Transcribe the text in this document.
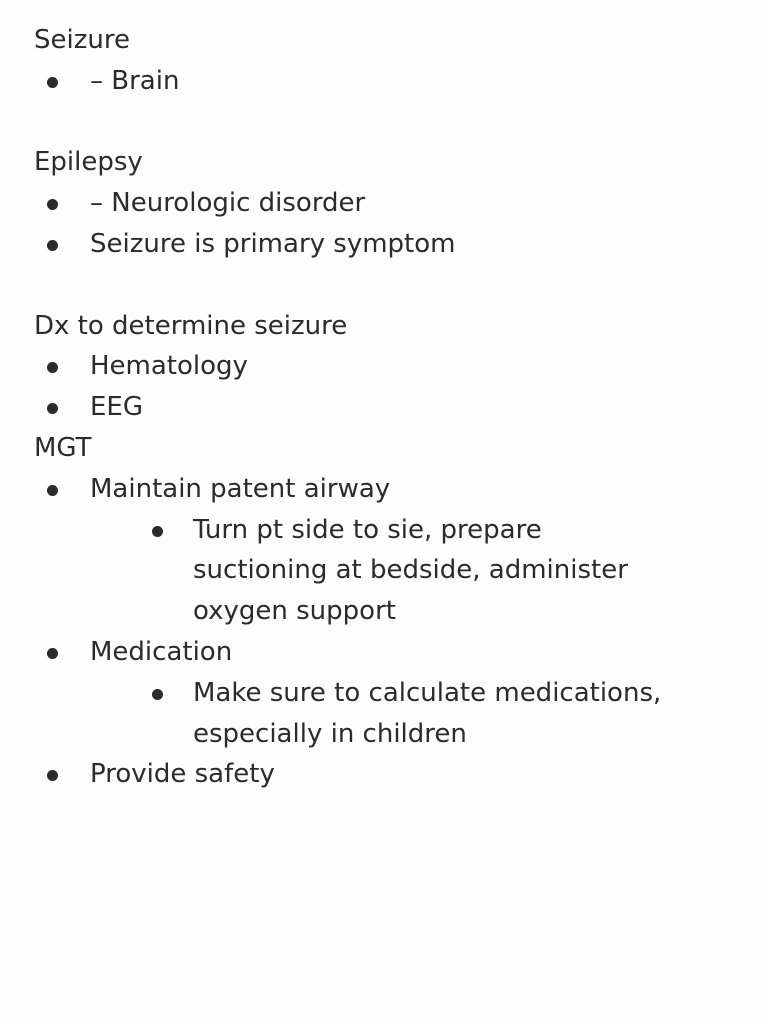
Seizure
– Brain
Epilepsy
– Neurologic disorder
Seizure is primary symptom
Dx to determine seizure
Hematology
EEG
MGT
Maintain patent airway
Turn pt side to sie, prepare
suctioning at bedside, administer
oxygen support
Medication
Make sure to calculate medications,
especially in children
Provide safety
